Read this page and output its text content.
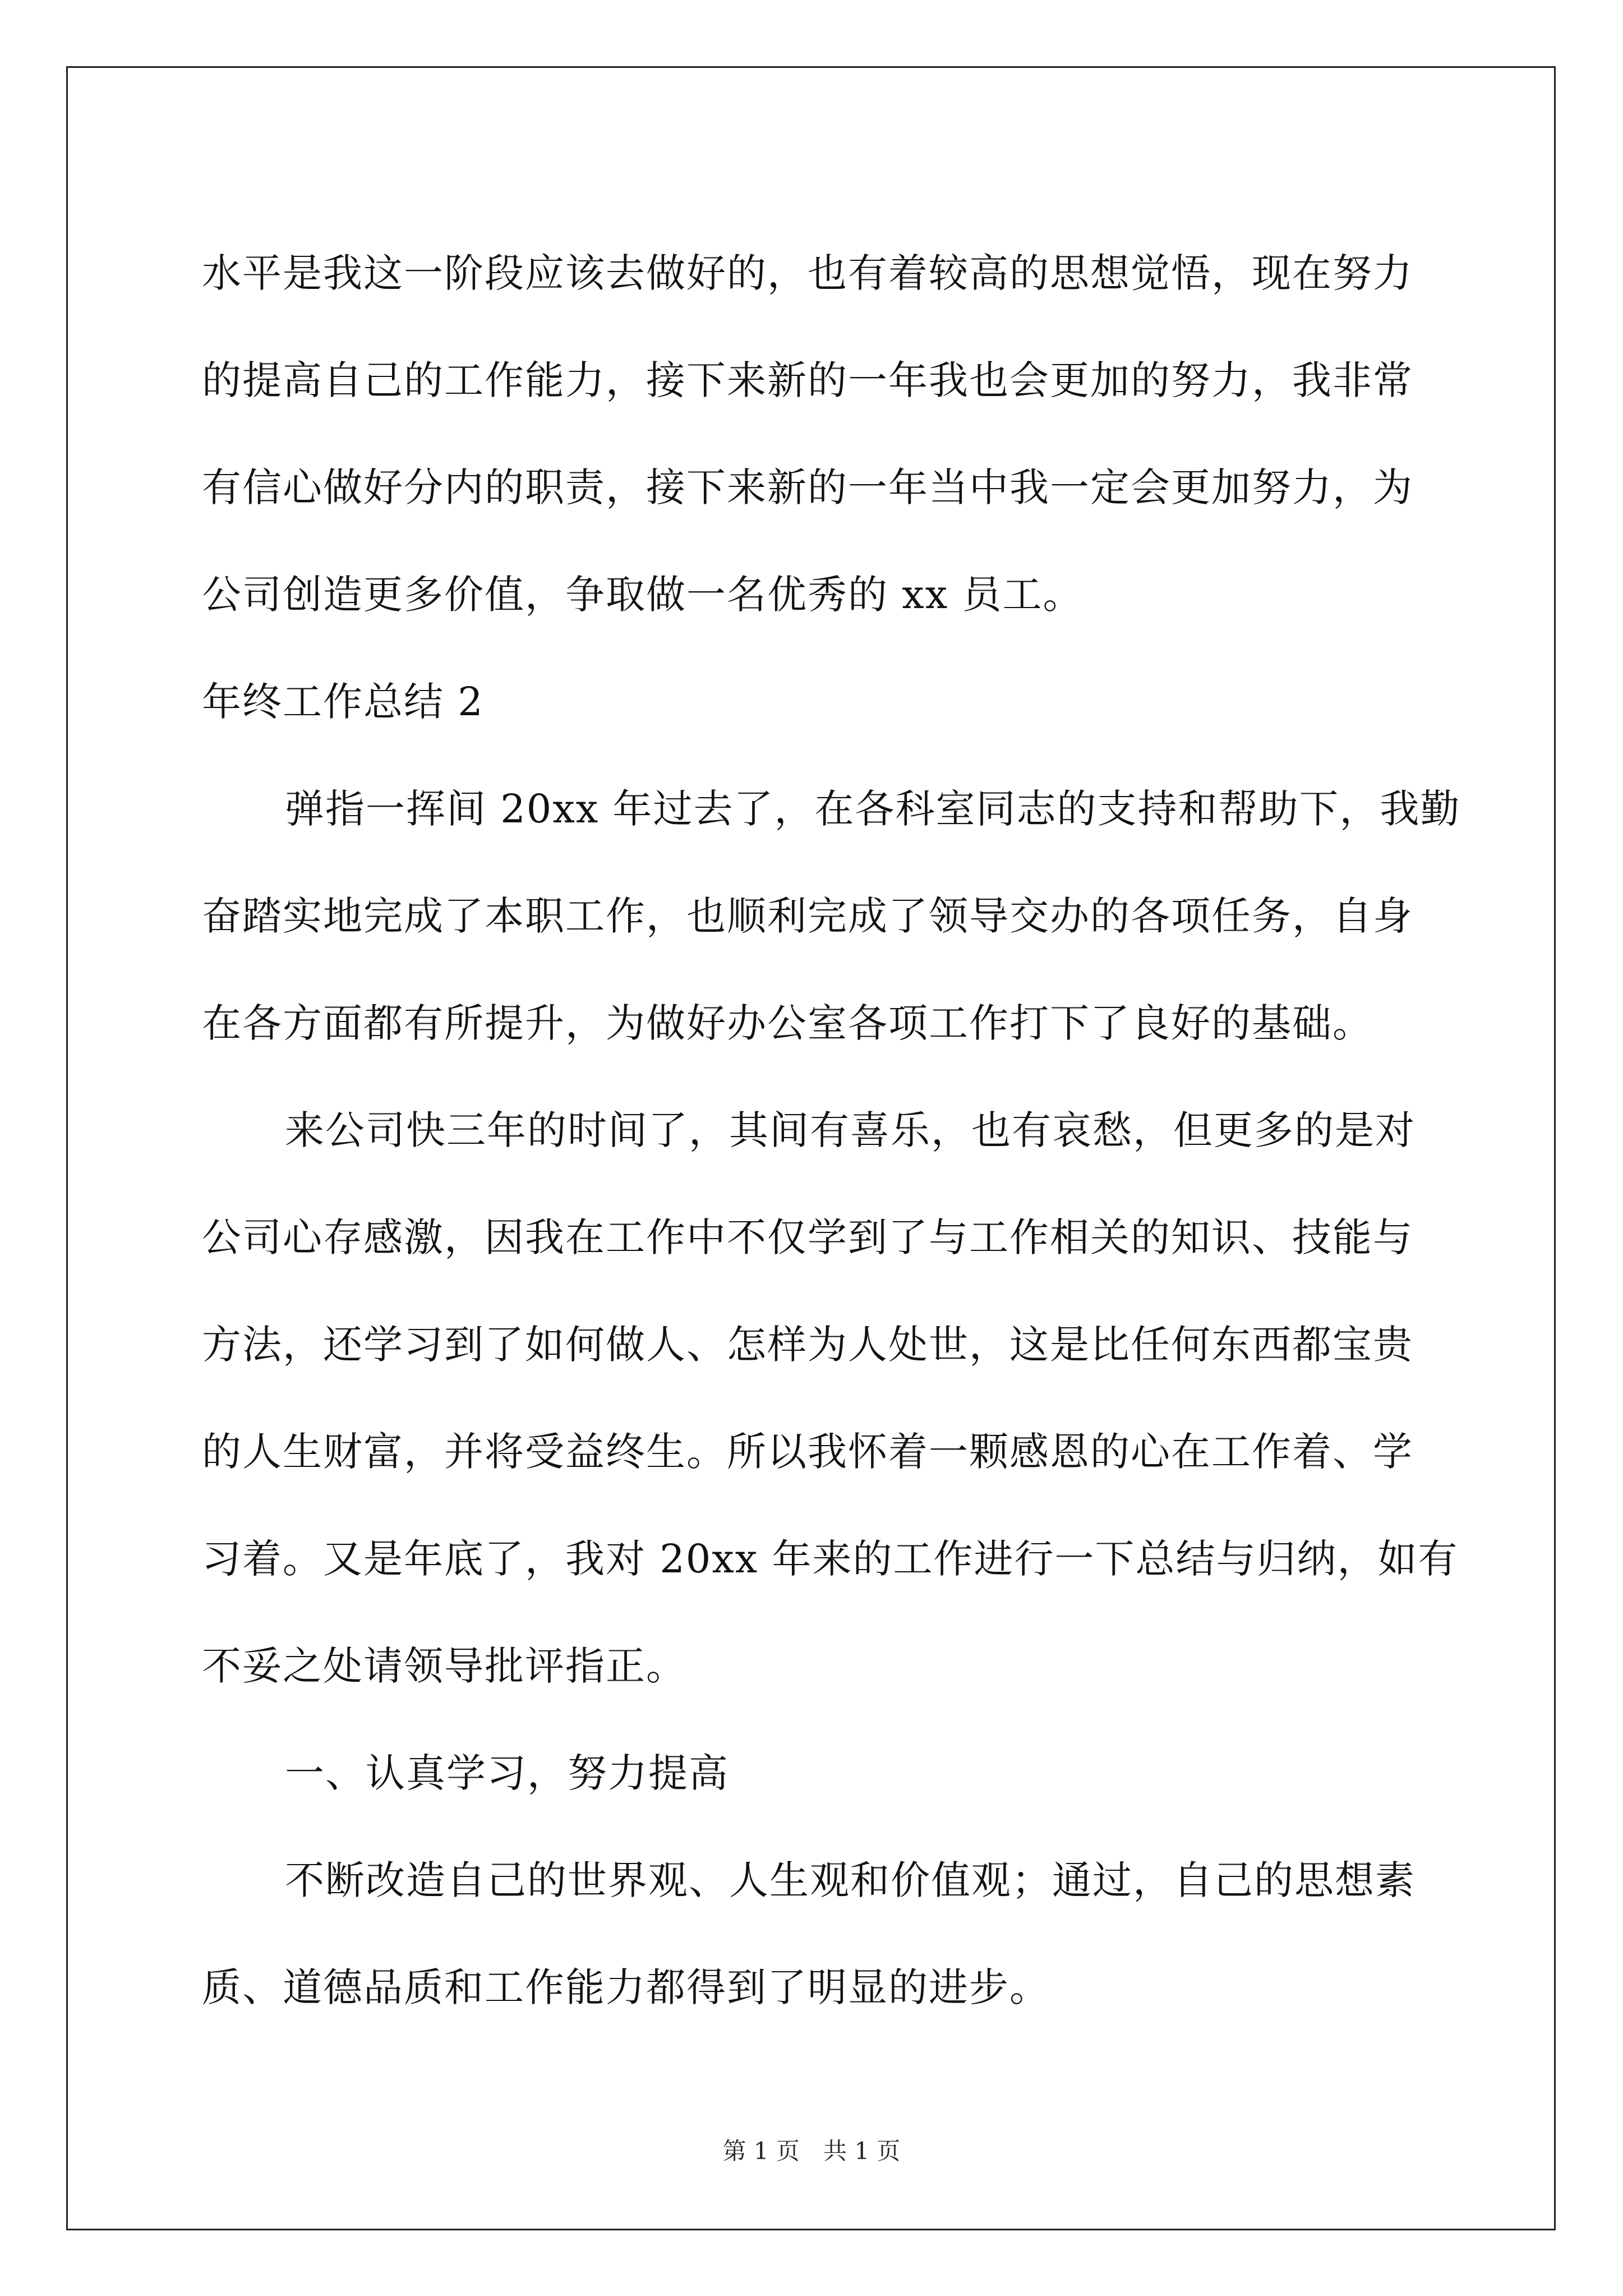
水平是我这一阶段应该去做好的，也有着较高的思想觉悟，现在努力
的提高自己的工作能力，接下来新的一年我也会更加的努力，我非常
有信心做好分内的职责，接下来新的一年当中我一定会更加努力，为
公司创造更多价值，争取做一名优秀的 xx 员工。
年终工作总结 2
弹指一挥间 20xx 年过去了，在各科室同志的支持和帮助下，我勤
奋踏实地完成了本职工作，也顺利完成了领导交办的各项任务，自身
在各方面都有所提升，为做好办公室各项工作打下了良好的基础。
来公司快三年的时间了，其间有喜乐，也有哀愁，但更多的是对
公司心存感激，因我在工作中不仅学到了与工作相关的知识、技能与
方法，还学习到了如何做人、怎样为人处世，这是比任何东西都宝贵
的人生财富，并将受益终生。所以我怀着一颗感恩的心在工作着、学
习着。又是年底了，我对 20xx 年来的工作进行一下总结与归纳，如有
不妥之处请领导批评指正。
一、认真学习，努力提高
不断改造自己的世界观、人生观和价值观；通过，自己的思想素
质、道德品质和工作能力都得到了明显的进步。
第 1 页　共 1 页
